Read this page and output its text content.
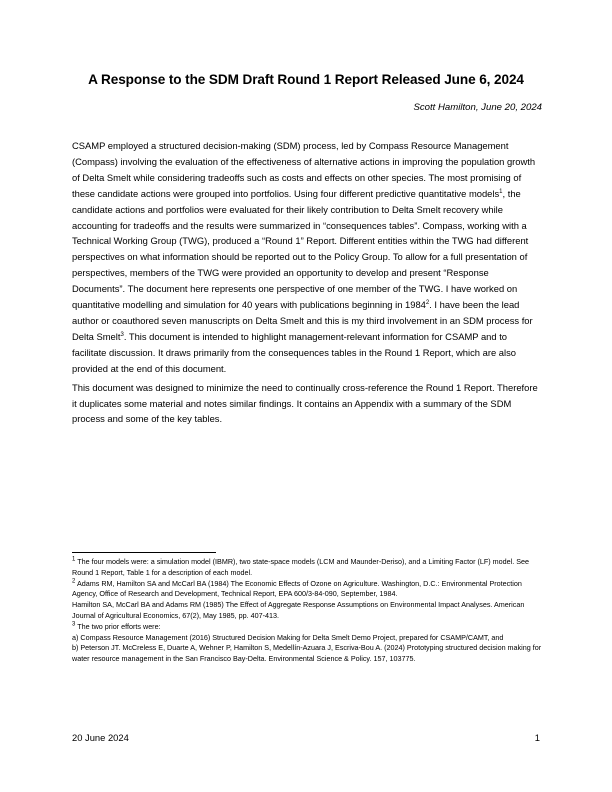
A Response to the SDM Draft Round 1 Report Released June 6, 2024
Scott Hamilton, June 20, 2024

CSAMP employed a structured decision-making (SDM) process, led by Compass Resource Management (Compass) involving the evaluation of the effectiveness of alternative actions in improving the population growth of Delta Smelt while considering tradeoffs such as costs and effects on other species. The most promising of these candidate actions were grouped into portfolios. Using four different predictive quantitative models$^1$, the candidate actions and portfolios were evaluated for their likely contribution to Delta Smelt recovery while accounting for tradeoffs and the results were summarized in “consequences tables”. Compass, working with a Technical Working Group (TWG), produced a “Round 1” Report. Different entities within the TWG had different perspectives on what information should be reported out to the Policy Group. To allow for a full presentation of perspectives, members of the TWG were provided an opportunity to develop and present “Response Documents”. The document here represents one perspective of one member of the TWG. I have worked on quantitative modelling and simulation for 40 years with publications beginning in 1984$^2$. I have been the lead author or coauthored seven manuscripts on Delta Smelt and this is my third involvement in an SDM process for Delta Smelt$^3$. This document is intended to highlight management-relevant information for CSAMP and to facilitate discussion. It draws primarily from the consequences tables in the Round 1 Report, which are also provided at the end of this document.

This document was designed to minimize the need to continually cross-reference the Round 1 Report. Therefore it duplicates some material and notes similar findings. It contains an Appendix with a summary of the SDM process and some of the key tables.

$^1$ The four models were: a simulation model (IBMR), two state-space models (LCM and Maunder-Deriso), and a Limiting Factor (LF) model. See Round 1 Report, Table 1 for a description of each model.
$^2$ Adams RM, Hamilton SA and McCarl BA (1984) The Economic Effects of Ozone on Agriculture. Washington, D.C.: Environmental Protection Agency, Office of Research and Development, Technical Report, EPA 600/3-84-090, September, 1984.
Hamilton SA, McCarl BA and Adams RM (1985) The Effect of Aggregate Response Assumptions on Environmental Impact Analyses. American Journal of Agricultural Economics, 67(2), May 1985, pp. 407-413.
$^3$ The two prior efforts were:
a) Compass Resource Management (2016) Structured Decision Making for Delta Smelt Demo Project, prepared for CSAMP/CAMT, and
b) Peterson JT. McCreless E, Duarte A, Wehner P, Hamilton S, Medellín-Azuara J, Escriva-Bou A. (2024) Prototyping structured decision making for water resource management in the San Francisco Bay-Delta. Environmental Science & Policy. 157, 103775.
20 June 2024	1
